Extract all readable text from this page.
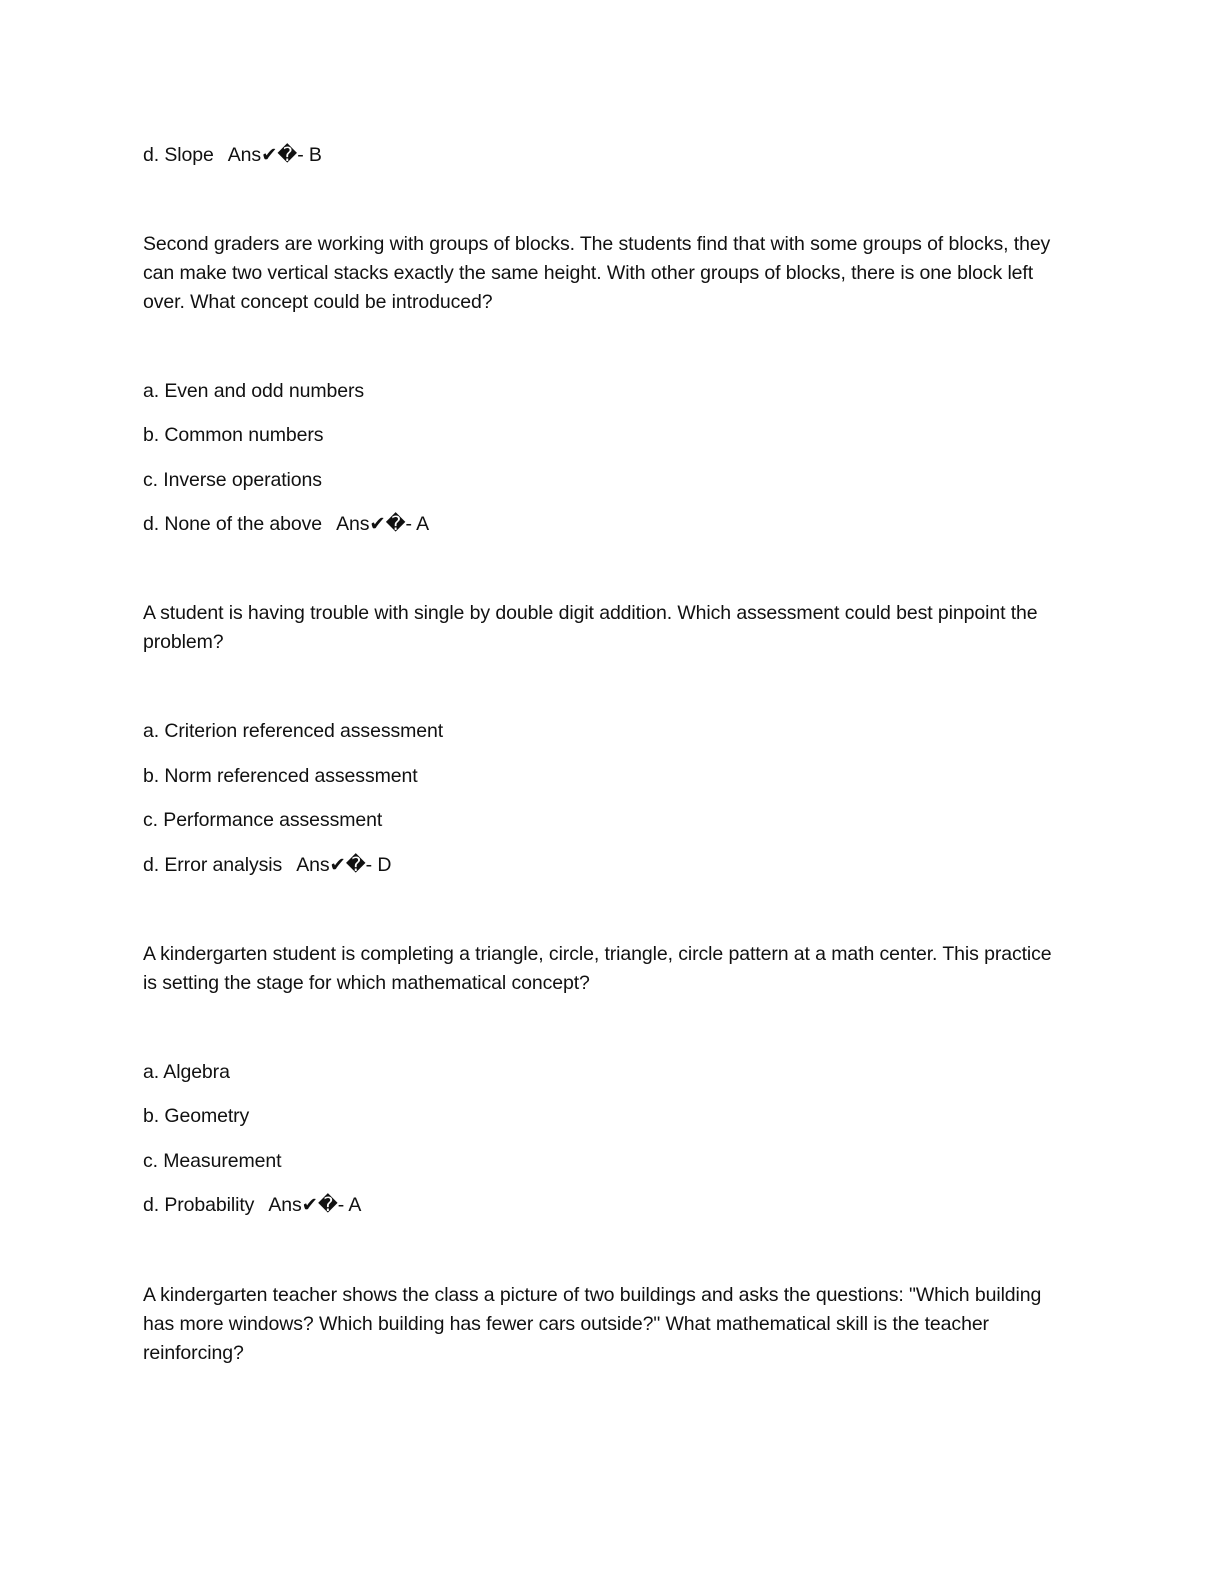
d. Slope Ans✔�- B
Second graders are working with groups of blocks. The students find that with some groups of blocks, they can make two vertical stacks exactly the same height. With other groups of blocks, there is one block left over. What concept could be introduced?
a. Even and odd numbers
b. Common numbers
c. Inverse operations
d. None of the above Ans✔�- A
A student is having trouble with single by double digit addition. Which assessment could best pinpoint the problem?
a. Criterion referenced assessment
b. Norm referenced assessment
c. Performance assessment
d. Error analysis Ans✔�- D
A kindergarten student is completing a triangle, circle, triangle, circle pattern at a math center. This practice is setting the stage for which mathematical concept?
a. Algebra
b. Geometry
c. Measurement
d. Probability Ans✔�- A
A kindergarten teacher shows the class a picture of two buildings and asks the questions: "Which building has more windows? Which building has fewer cars outside?" What mathematical skill is the teacher reinforcing?
